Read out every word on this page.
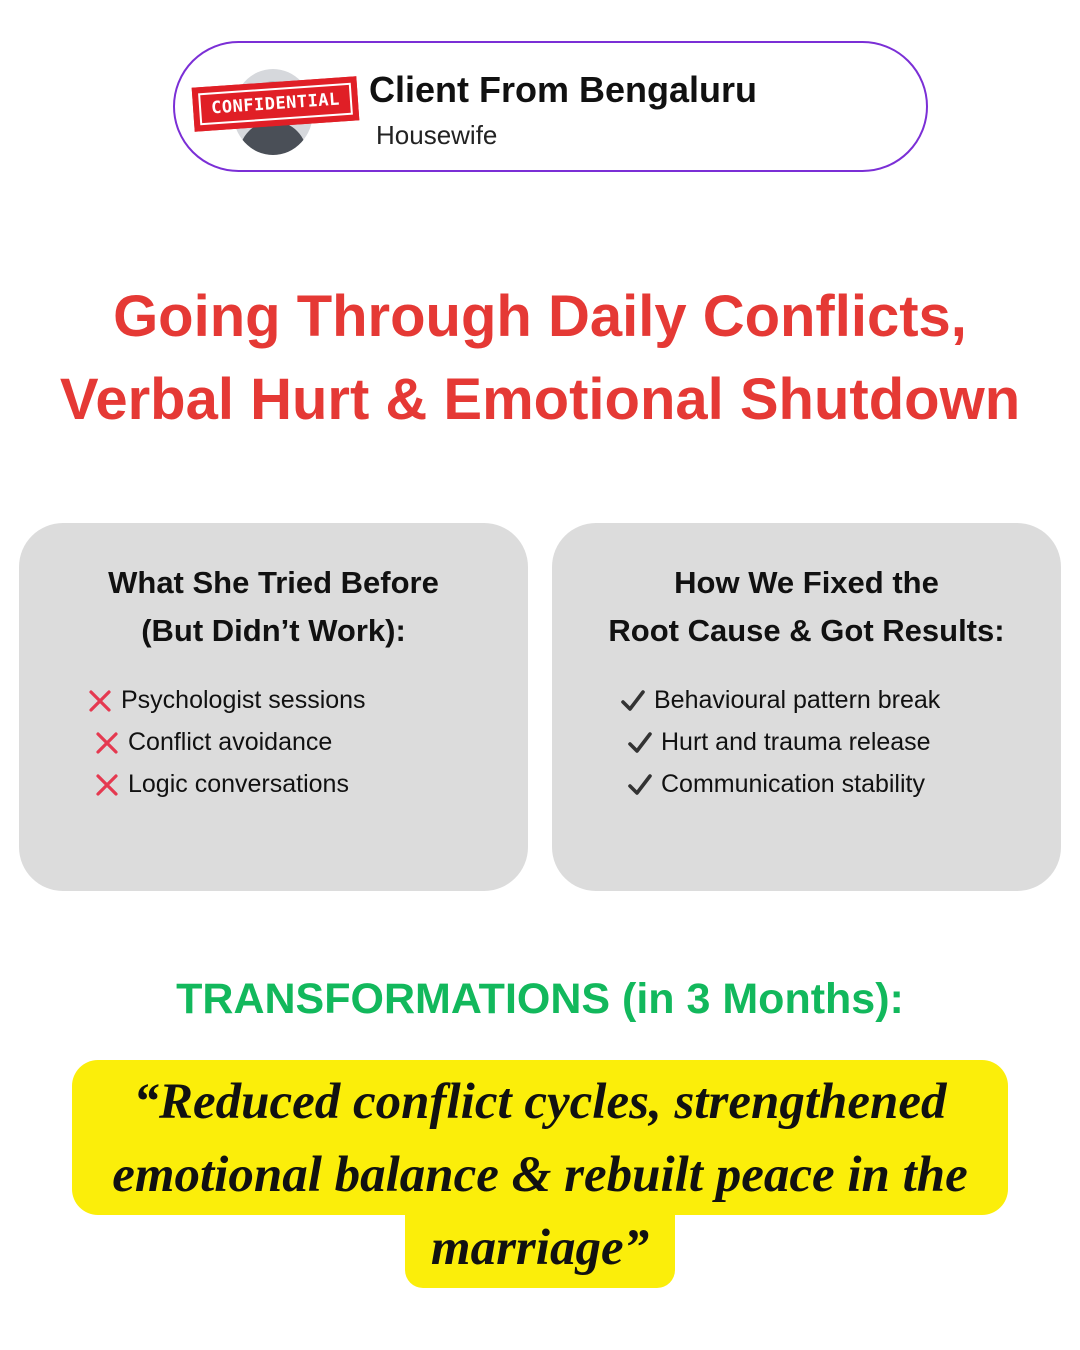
CONFIDENTIAL Client From Bengaluru
Housewife
Going Through Daily Conflicts,
Verbal Hurt & Emotional Shutdown
What She Tried Before
(But Didn’t Work):
Psychologist sessions
Conflict avoidance
Logic conversations
How We Fixed the
Root Cause & Got Results:
Behavioural pattern break
Hurt and trauma release
Communication stability
TRANSFORMATIONS (in 3 Months):
“Reduced conflict cycles, strengthened
emotional balance & rebuilt peace in the
marriage”
